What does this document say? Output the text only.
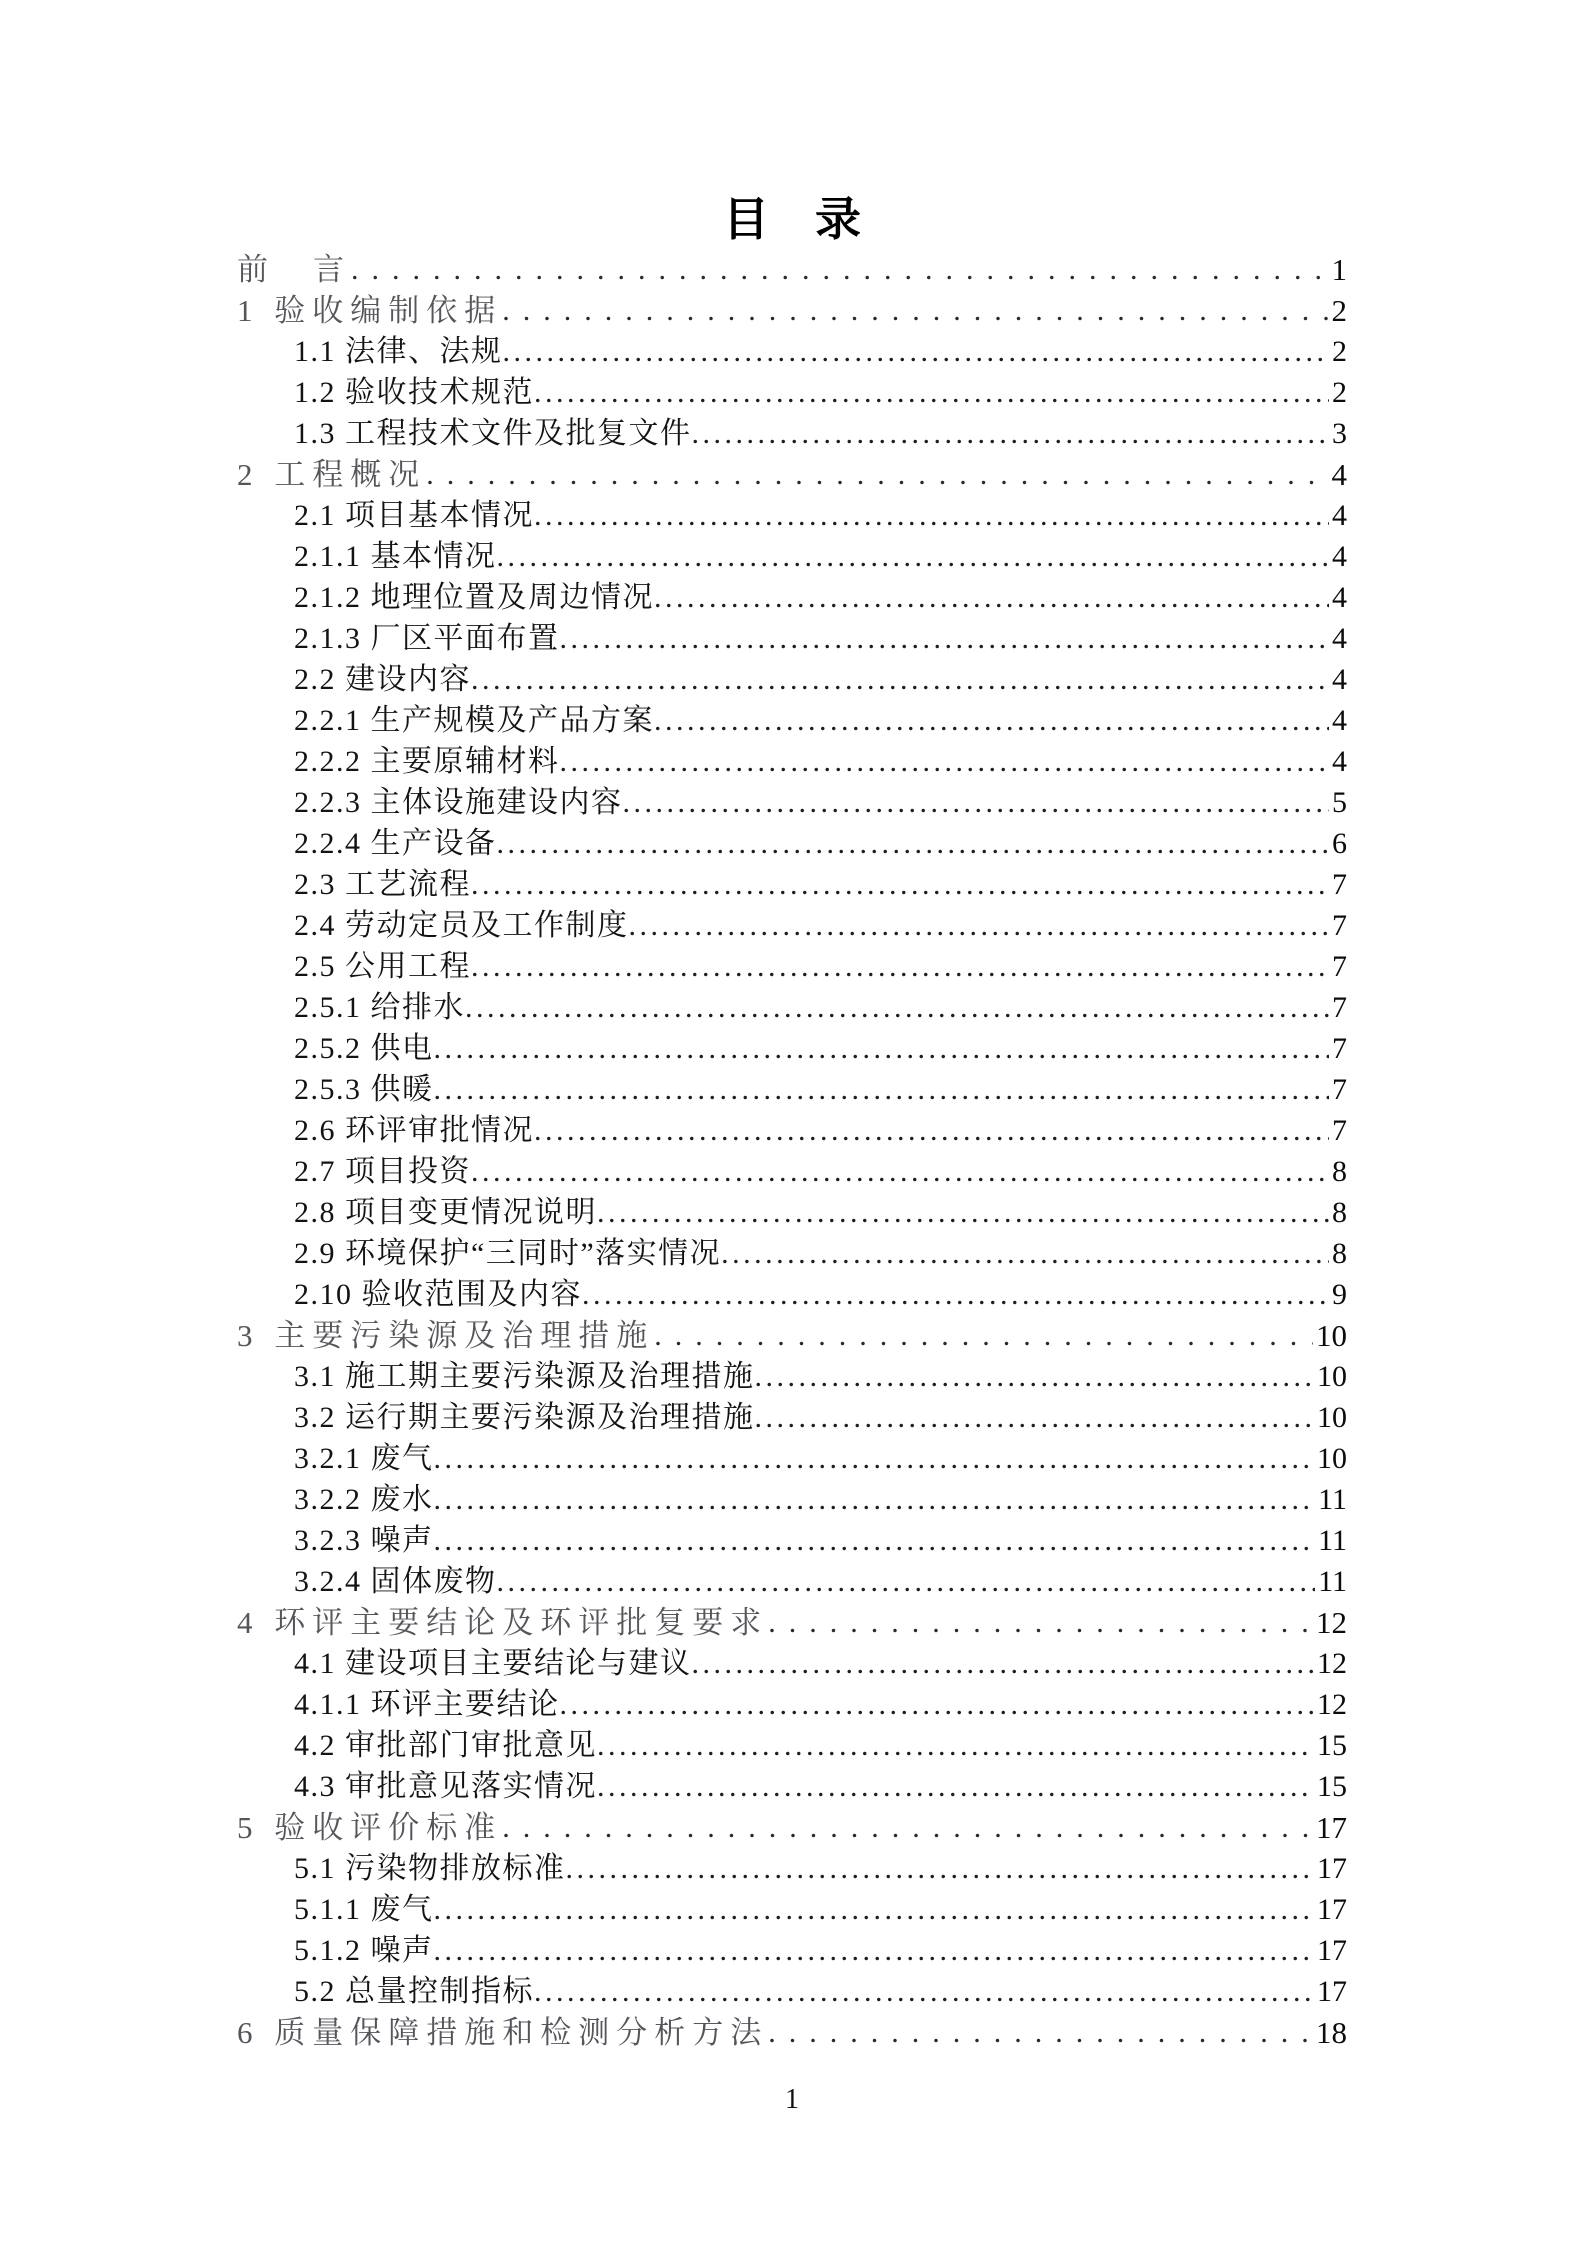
目　录
前　言 .....	1
1 验收编制依据 .....	2
1.1 法律、法规 .....	2
1.2 验收技术规范 .....	2
1.3 工程技术文件及批复文件 .....	3
2 工程概况 .....	4
2.1 项目基本情况 .....	4
2.1.1 基本情况 .....	4
2.1.2 地理位置及周边情况 .....	4
2.1.3 厂区平面布置 .....	4
2.2 建设内容 .....	4
2.2.1 生产规模及产品方案 .....	4
2.2.2 主要原辅材料 .....	4
2.2.3 主体设施建设内容 .....	5
2.2.4 生产设备 .....	6
2.3 工艺流程 .....	7
2.4 劳动定员及工作制度 .....	7
2.5 公用工程 .....	7
2.5.1 给排水 .....	7
2.5.2 供电 .....	7
2.5.3 供暖 .....	7
2.6 环评审批情况 .....	7
2.7 项目投资 .....	8
2.8 项目变更情况说明 .....	8
2.9 环境保护“三同时”落实情况 .....	8
2.10 验收范围及内容 .....	9
3 主要污染源及治理措施 .....	10
3.1 施工期主要污染源及治理措施 .....	10
3.2 运行期主要污染源及治理措施 .....	10
3.2.1 废气 .....	10
3.2.2 废水 .....	11
3.2.3 噪声 .....	11
3.2.4 固体废物 .....	11
4 环评主要结论及环评批复要求 .....	12
4.1 建设项目主要结论与建议 .....	12
4.1.1 环评主要结论 .....	12
4.2 审批部门审批意见 .....	15
4.3 审批意见落实情况 .....	15
5 验收评价标准 .....	17
5.1 污染物排放标准 .....	17
5.1.1 废气 .....	17
5.1.2 噪声 .....	17
5.2 总量控制指标 .....	17
6 质量保障措施和检测分析方法 .....	18
1
